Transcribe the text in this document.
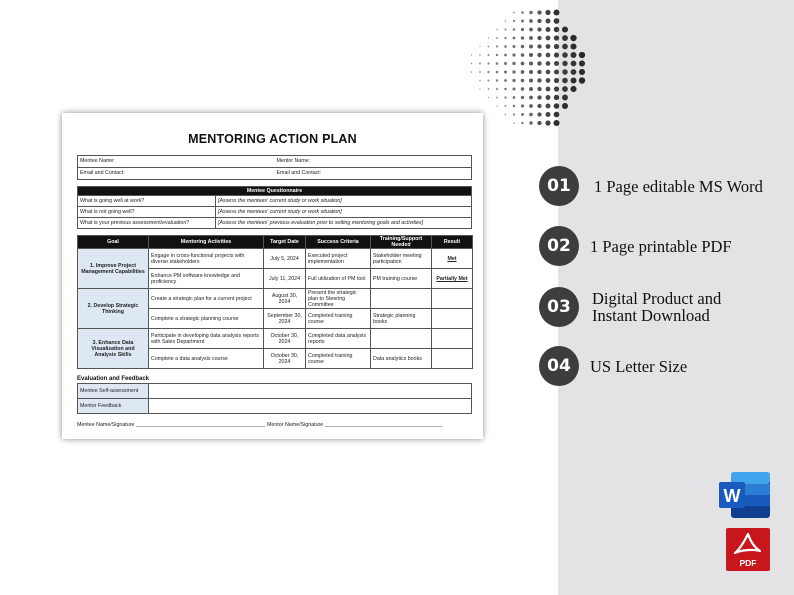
MENTORING ACTION PLAN
Mentee Name:	Mentor Name:
Email and Contact:	Email and Contact:
Mentee Questionnaire	
What is going well at work?	[Assess the mentees' current study or work situation]
What is not going well?	[Assess the mentees' current study or work situation]
What is your previous assessment/evaluation?	[Assess the mentees' previous evaluation prior to setting mentoring goals and activities]
Goal	Mentoring Activities	Target Date	Success Criteria	Training/Support Needed	Result
1. Improve Project Management Capabilities	Engage in cross-functional projects with diverse stakeholders	July 5, 2024	Executed project implementation	Stakeholder meeting participation	Met
	Enhance PM software knowledge and proficiency	July 11, 2024	Full utilization of PM tool	PM training course	Partially Met
2. Develop Strategic Thinking	Create a strategic plan for a current project	August 30, 2024	Present the strategic plan to Steering Committee		
	Complete a strategic planning course	September 30, 2024	Completed training course	Strategic planning books	
3. Enhance Data Visualization and Analysis Skills	Participate in developing data analysis reports with Sales Department	October 30, 2024	Completed data analysis reports		
	Complete a data analysis course	October 30, 2024	Completed training course	Data analytics books	
Evaluation and Feedback
Mentee Self-assessment	
Mentor Feedback	
Mentee Name/Signature ____________________________________________ Mentor Name/Signature ________________________________________
01	1 Page editable MS Word
02	1 Page printable PDF
03	Digital Product and
Instant Download
04	US Letter Size
W
PDF
